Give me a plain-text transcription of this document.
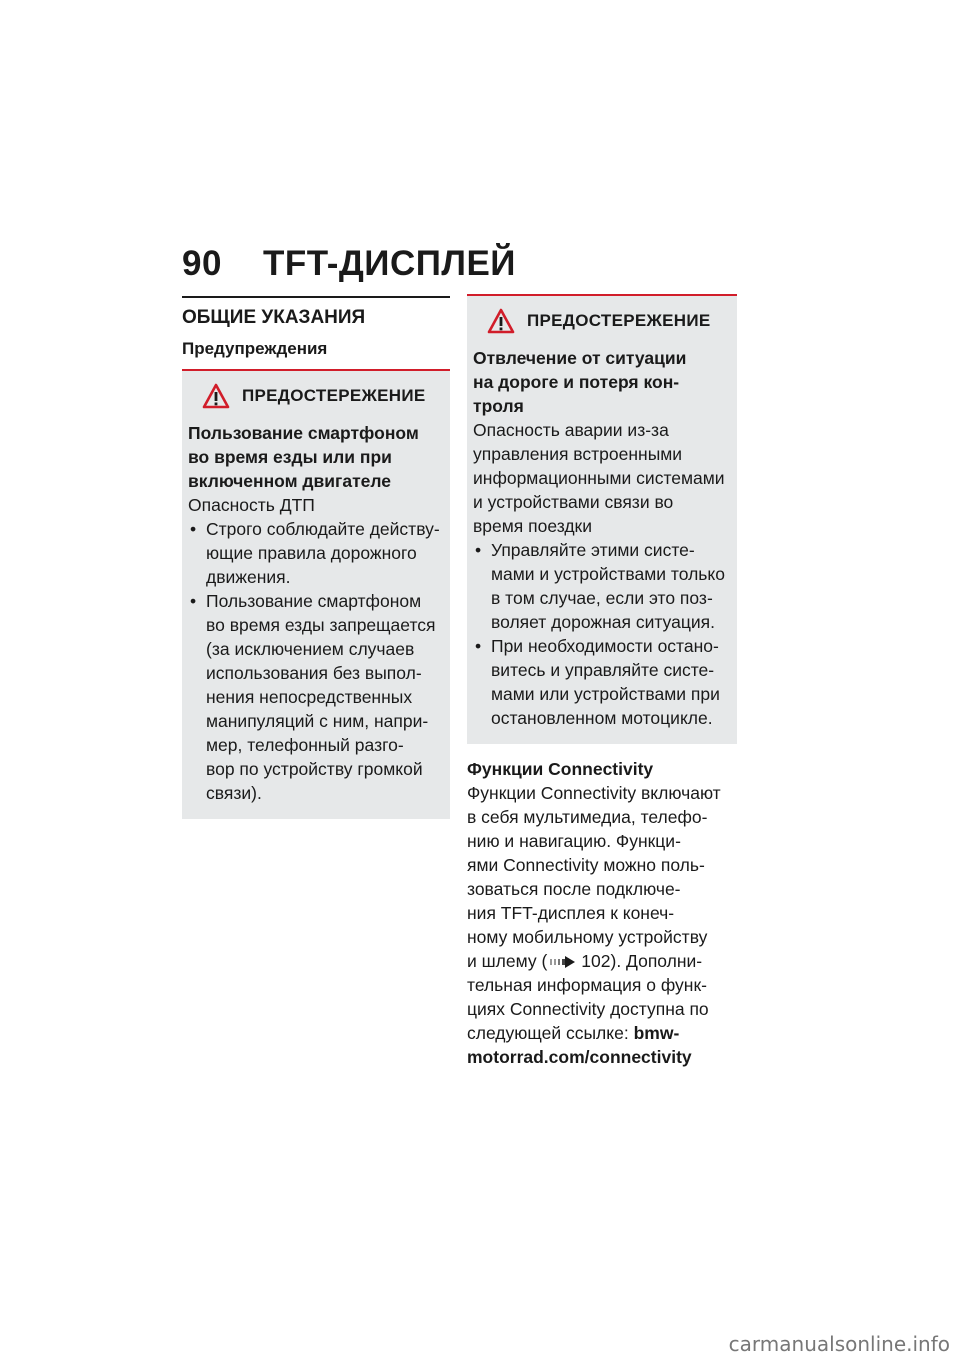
90 TFT-ДИСПЛЕЙ
ОБЩИЕ УКАЗАНИЯ
Предупреждения
ПРЕДОСТЕРЕЖЕНИЕ
Пользование смартфоном
во время езды или при
включенном двигателе
Опасность ДТП
• Строго соблюдайте действу-
ющие правила дорожного
движения.
• Пользование смартфоном
во время езды запрещается
(за исключением случаев
использования без выпол-
нения непосредственных
манипуляций с ним, напри-
мер, телефонный разго-
вор по устройству громкой
связи).
ПРЕДОСТЕРЕЖЕНИЕ
Отвлечение от ситуации
на дороге и потеря кон-
троля
Опасность аварии из-за
управления встроенными
информационными системами
и устройствами связи во
время поездки
• Управляйте этими систе-
мами и устройствами только
в том случае, если это поз-
воляет дорожная ситуация.
• При необходимости остано-
витесь и управляйте систе-
мами или устройствами при
остановленном мотоцикле.
Функции Connectivity
Функции Connectivity включают
в себя мультимедиа, телефо-
нию и навигацию. Функци-
ями Connectivity можно поль-
зоваться после подключе-
ния TFT-дисплея к конеч-
ному мобильному устройству
и шлему ( 102). Дополни-
тельная информация о функ-
циях Connectivity доступна по
следующей ссылке: bmw-
motorrad.com/connectivity
carmanualsonline.info
